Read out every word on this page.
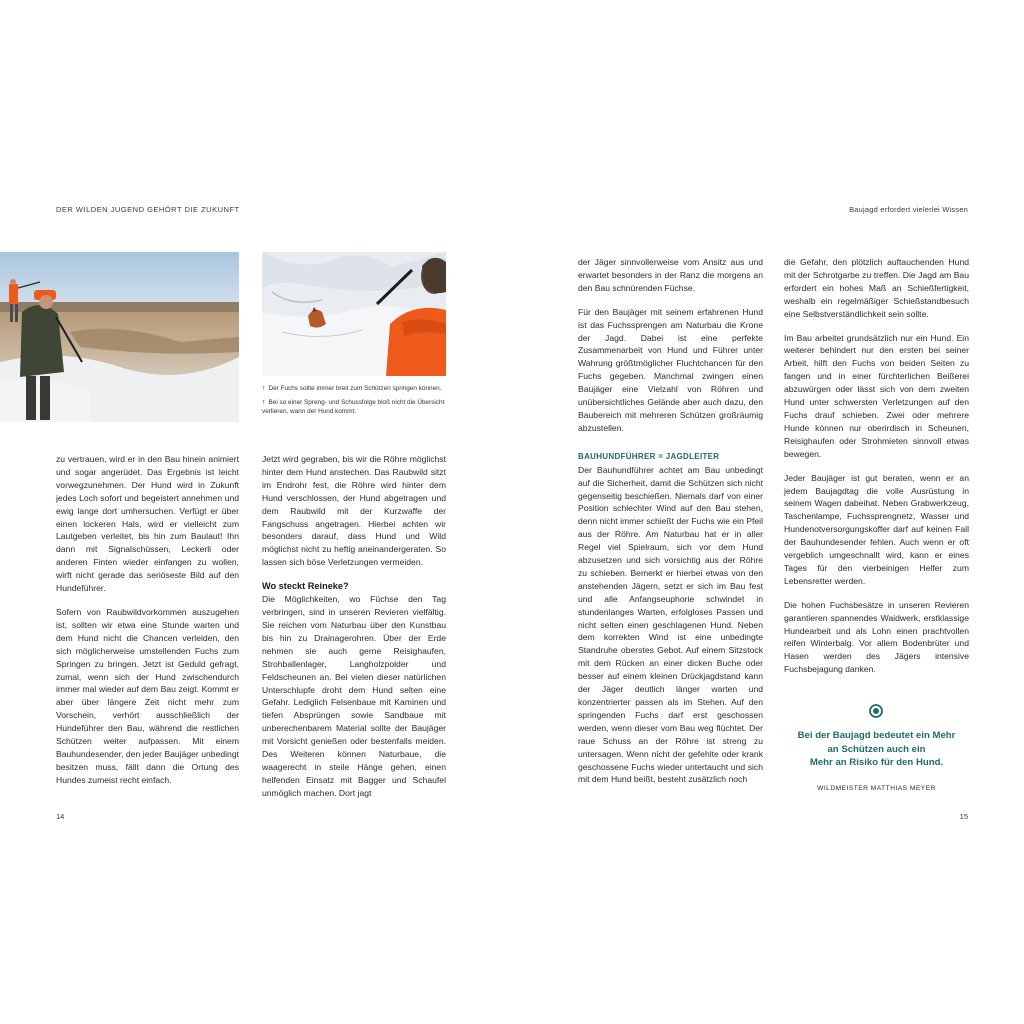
DER WILDEN JUGEND GEHÖRT DIE ZUKUNFT	Baujagd erfordert vielerlei Wissen
↑ Der Fuchs sollte immer breit zum Schützen springen können.
↑ Bei so einer Spreng- und Schussfolge bloß nicht die Übersicht verlieren, wann der Hund kommt.

zu vertrauen, wird er in den Bau hinein animiert und sogar angerüdet. Das Ergebnis ist leicht vorwegzunehmen. Der Hund wird in Zukunft jedes Loch sofort und begeistert annehmen und ewig lange dort umhersuchen. Verfügt er über einen lockeren Hals, wird er vielleicht zum Lautgeben verleitet, bis hin zum Baulaut! Ihn dann mit Signalschüssen, Leckerli oder anderen Finten wieder einfangen zu wollen, wirft nicht gerade das seriöseste Bild auf den Hundeführer.

Sofern von Raubwildvorkommen auszugehen ist, sollten wir etwa eine Stunde warten und dem Hund nicht die Chancen verleiden, den sich möglicherweise umstellenden Fuchs zum Springen zu bringen. Jetzt ist Geduld gefragt, zumal, wenn sich der Hund zwischendurch immer mal wieder auf dem Bau zeigt. Kommt er aber über längere Zeit nicht mehr zum Vorschein, verhört ausschließlich der Hundeführer den Bau, während die restlichen Schützen weiter aufpassen. Mit einem Bauhundesender, den jeder Baujäger unbedingt besitzen muss, fällt dann die Ortung des Hundes zumeist recht einfach.

Jetzt wird gegraben, bis wir die Röhre möglichst hinter dem Hund anstechen. Das Raubwild sitzt im Endrohr fest, die Röhre wird hinter dem Hund verschlossen, der Hund abgetragen und dem Raubwild mit der Kurzwaffe der Fangschuss angetragen. Hierbei achten wir besonders darauf, dass Hund und Wild möglichst nicht zu heftig aneinandergeraten. So lassen sich böse Verletzungen vermeiden.

Wo steckt Reineke?

Die Möglichkeiten, wo Füchse den Tag verbringen, sind in unseren Revieren vielfältig. Sie reichen vom Naturbau über den Kunstbau bis hin zu Drainagerohren. Über der Erde nehmen sie auch gerne Reisighaufen, Strohballenlager, Langholzpolder und Feldscheunen an. Bei vielen dieser natürlichen Unterschlupfe droht dem Hund selten eine Gefahr. Lediglich Felsenbaue mit Kaminen und tiefen Absprüngen sowie Sandbaue mit unberechenbarem Material sollte der Baujäger mit Vorsicht genießen oder bestenfalls meiden. Des Weiteren können Naturbaue, die waagerecht in steile Hänge gehen, einen helfenden Einsatz mit Bagger und Schaufel unmöglich machen. Dort jagt

der Jäger sinnvollerweise vom Ansitz aus und erwartet besonders in der Ranz die morgens an den Bau schnürenden Füchse.

Für den Baujäger mit seinem erfahrenen Hund ist das Fuchssprengen am Naturbau die Krone der Jagd. Dabei ist eine perfekte Zusammenarbeit von Hund und Führer unter Wahrung größtmöglicher Fluchtchancen für den Fuchs gegeben. Manchmal zwingen einen Baujäger eine Vielzahl von Röhren und unübersichtliches Gelände aber auch dazu, den Baubereich mit mehreren Schützen großräumig abzustellen.

BAUHUNDFÜHRER = JAGDLEITER

Der Bauhundführer achtet am Bau unbedingt auf die Sicherheit, damit die Schützen sich nicht gegenseitig beschießen. Niemals darf von einer Position schlechter Wind auf den Bau stehen, denn nicht immer schießt der Fuchs wie ein Pfeil aus der Röhre. Am Naturbau hat er in aller Regel viel Spielraum, sich vor dem Hund abzusetzen und sich vorsichtig aus der Röhre zu schieben. Bemerkt er hierbei etwas von den anstehenden Jägern, setzt er sich im Bau fest und alle Anfangseuphorie schwindet in stundenlanges Warten, erfolgloses Passen und nicht selten einen geschlagenen Hund. Neben dem korrekten Wind ist eine unbedingte Standruhe oberstes Gebot. Auf einem Sitzstock mit dem Rücken an einer dicken Buche oder besser auf einem kleinen Drückjagdstand kann der Jäger deutlich länger warten und konzentrierter passen als im Stehen. Auf den springenden Fuchs darf erst geschossen werden, wenn dieser vom Bau weg flüchtet. Der raue Schuss an der Röhre ist streng zu untersagen. Wenn nicht der gefehlte oder krank geschossene Fuchs wieder untertaucht und sich mit dem Hund beißt, besteht zusätzlich noch

die Gefahr, den plötzlich auftauchenden Hund mit der Schrotgarbe zu treffen. Die Jagd am Bau erfordert ein hohes Maß an Schießfertigkeit, weshalb ein regelmäßiger Schießstandbesuch eine Selbstverständlichkeit sein sollte.

Im Bau arbeitet grundsätzlich nur ein Hund. Ein weiterer behindert nur den ersten bei seiner Arbeit, hilft den Fuchs von beiden Seiten zu fangen und in einer fürchterlichen Beißerei abzuwürgen oder lässt sich von dem zweiten Hund unter schwersten Verletzungen auf den Fuchs drauf schieben. Zwei oder mehrere Hunde können nur oberirdisch in Scheunen, Reisighaufen oder Strohmieten sinnvoll etwas bewegen.

Jeder Baujäger ist gut beraten, wenn er an jedem Baujagdtag die volle Ausrüstung in seinem Wagen dabeihat. Neben Grabwerkzeug, Taschenlampe, Fuchssprengnetz, Wasser und Hundenotversorgungskoffer darf auf keinen Fall der Bauhundesender fehlen. Auch wenn er oft vergeblich umgeschnallt wird, kann er eines Tages für den vierbeinigen Helfer zum Lebensretter werden.

Die hohen Fuchsbesätze in unseren Revieren garantieren spannendes Waidwerk, erstklassige Hundearbeit und als Lohn einen prachtvollen reifen Winterbalg. Vor allem Bodenbrüter und Hasen werden des Jägers intensive Fuchsbejagung danken.

Bei der Baujagd bedeutet ein Mehr
an Schützen auch ein
Mehr an Risiko für den Hund.
WILDMEISTER MATTHIAS MEYER
14	15
